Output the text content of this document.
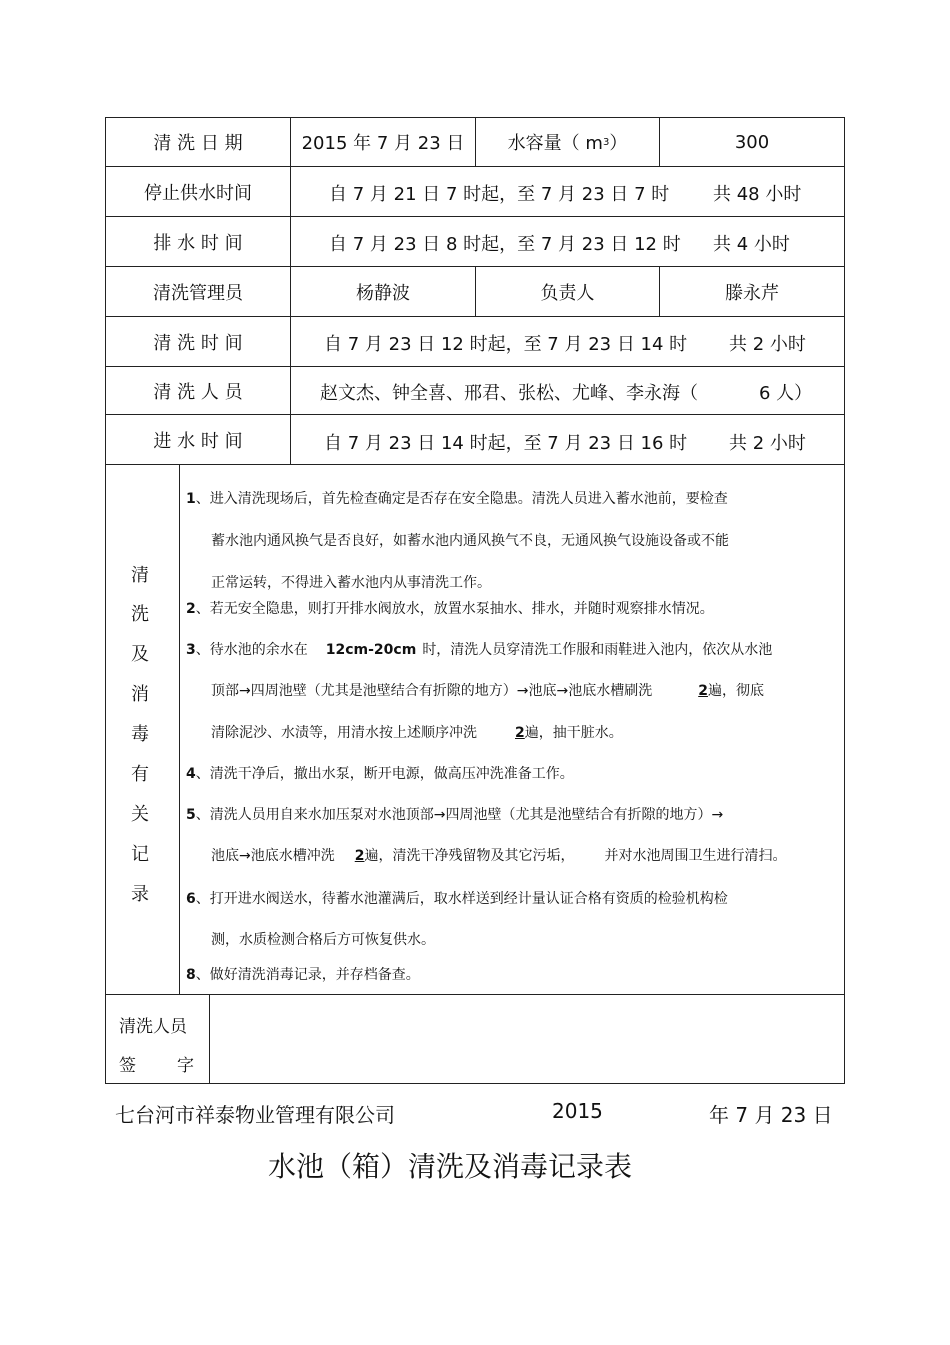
清 洗 日 期	2015 年 7 月 23 日	水容量（ m 3 ）	300
停止供水时间	自 7 月 21 日 7 时起，至 7 月 23 日 7 时 共 48 小时
排 水 时 间	自 7 月 23 日 8 时起，至 7 月 23 日 12 时 共 4 小时
清洗管理员	杨静波	负责人	滕永芹
清 洗 时 间	自 7 月 23 日 12 时起，至 7 月 23 日 14 时 共 2 小时
清 洗 人 员	赵文杰、钟全喜、邢君、张松、尤峰、李永海（	6 人）
进 水 时 间	自 7 月 23 日 14 时起，至 7 月 23 日 16 时 共 2 小时
清
洗
及
消
毒
有
关
记
录
1、进入清洗现场后，首先检查确定是否存在安全隐患。清洗人员进入蓄水池前，要检查
蓄水池内通风换气是否良好，如蓄水池内通风换气不良，无通风换气设施设备或不能
正常运转，不得进入蓄水池内从事清洗工作。
2、若无安全隐患，则打开排水阀放水，放置水泵抽水、排水，并随时观察排水情况。
3、待水池的余水在 12cm-20cm 时，清洗人员穿清洗工作服和雨鞋进入池内，依次从水池
顶部→四周池壁（尤其是池壁结合有折隙的地方）→池底→池底水槽刷洗	2遍，彻底
清除泥沙、水渍等，用清水按上述顺序冲洗	2遍，抽干脏水。
4、清洗干净后，撤出水泵，断开电源，做高压冲洗准备工作。
5、清洗人员用自来水加压泵对水池顶部→四周池壁（尤其是池壁结合有折隙的地方）→
池底→池底水槽冲洗 2遍，清洗干净残留物及其它污垢， 并对水池周围卫生进行清扫。
6、打开进水阀送水，待蓄水池灌满后，取水样送到经计量认证合格有资质的检验机构检
测，水质检测合格后方可恢复供水。
8、做好清洗消毒记录，并存档备查。
清洗人员
签 字
七台河市祥泰物业管理有限公司	2015	年 7 月 23 日
水池（箱）清洗及消毒记录表
